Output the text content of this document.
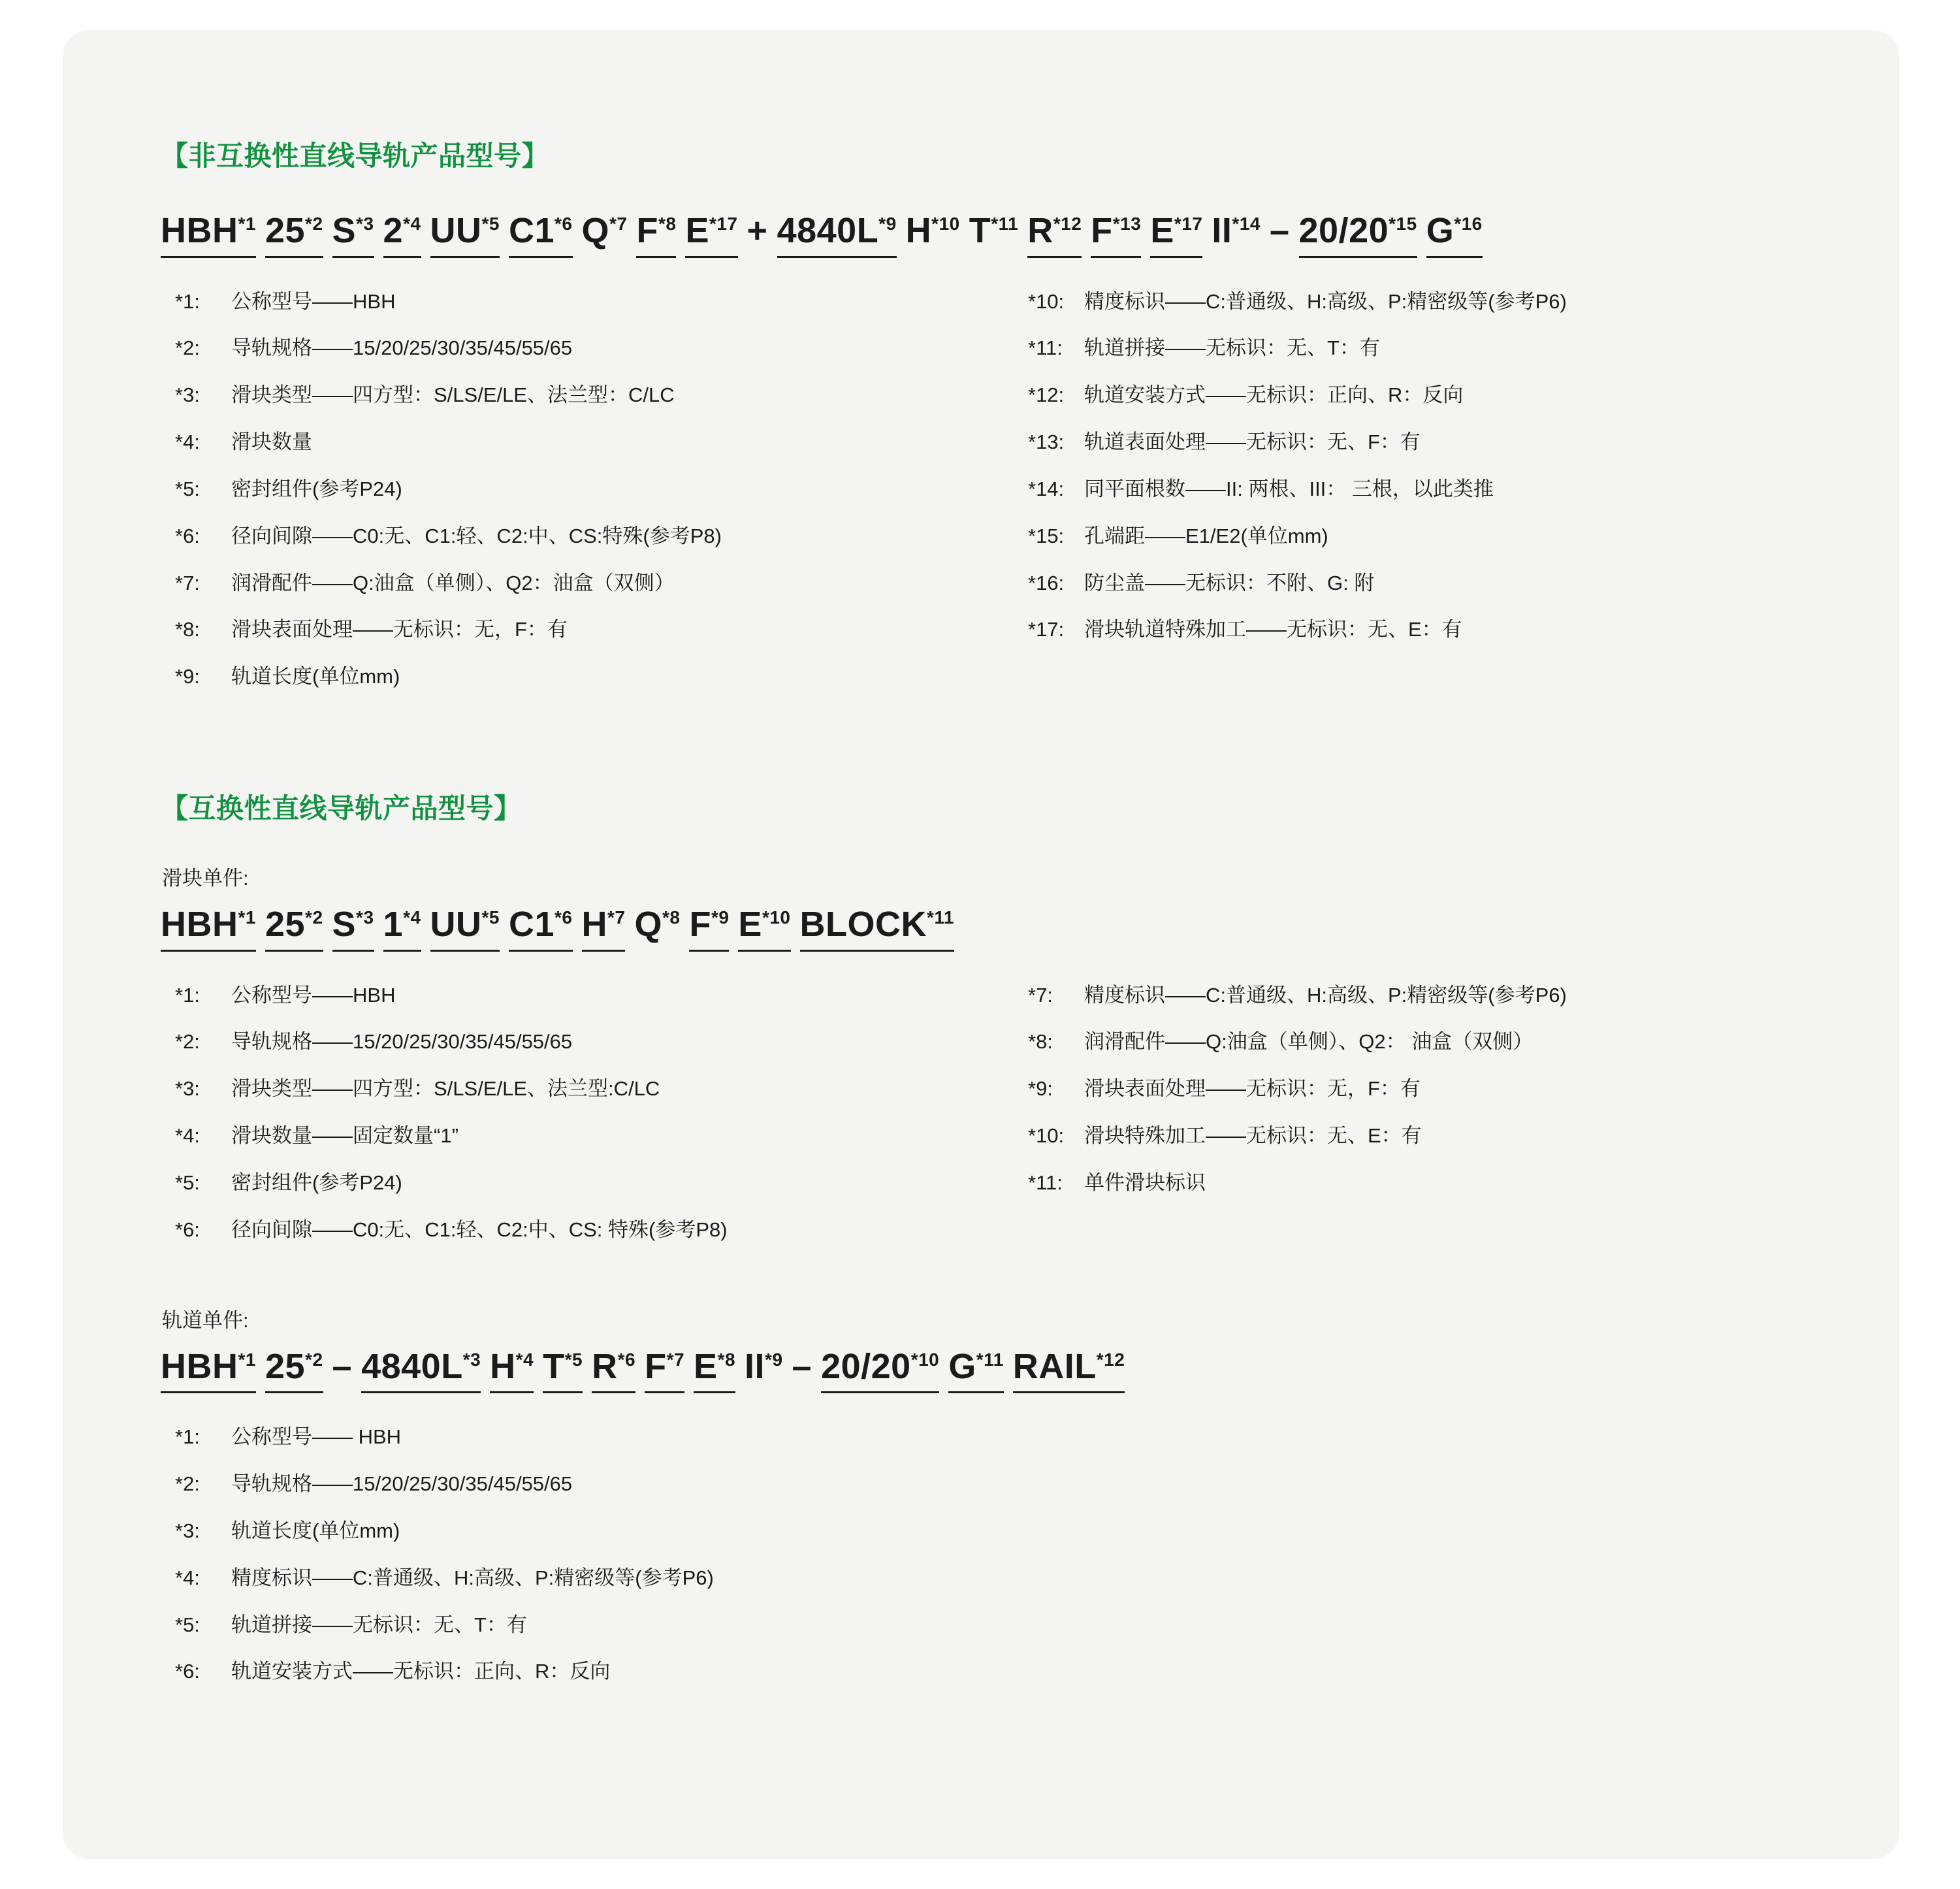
【非互换性直线导轨产品型号】
HBH$^{*1}$ 25$^{*2}$ $S^{*3}$ 2$^{*4}$ UU$^{*5}$ C1$^{*6}$ $Q^{*7}$ $F^{*8}$ $E^{*17} + 4840L^{*9}$ $H^{*10}$ $T^{*11}$ $R^{*12}$ $F^{*13}$ $E^{*17}$ II$^{*14}$ – 20/20$^{*15}$ $G^{*16}$
*1: 公称型号——HBH
*2: 导轨规格——15/20/25/30/35/45/55/65
*3: 滑块类型——四方型：S/LS/E/LE、法兰型：C/LC
*4: 滑块数量
*5: 密封组件(参考P24)
*6: 径向间隙——C0:无、C1:轻、C2:中、CS:特殊(参考P8)
*7: 润滑配件——Q:油盒（单侧）、Q2：油盒（双侧）
*8: 滑块表面处理——无标识：无，F：有
*9: 轨道长度(单位mm)
*10: 精度标识——C:普通级、H:高级、P:精密级等(参考P6)
*11: 轨道拼接——无标识：无、T：有
*12: 轨道安装方式——无标识：正向、R：反向
*13: 轨道表面处理——无标识：无、F：有
*14: 同平面根数——II: 两根、III： 三根，以此类推
*15: 孔端距——E1/E2(单位mm)
*16: 防尘盖——无标识：不附、G: 附
*17: 滑块轨道特殊加工——无标识：无、E：有
【互换性直线导轨产品型号】
滑块单件:
HBH$^{*1}$ 25$^{*2}$ $S^{*3}$ 1$^{*4}$ UU$^{*5}$ C1$^{*6}$ $H^{*7}$ $Q^{*8}$ $F^{*9}$ $E^{*10}$ BLOCK$^{*11}$
*1: 公称型号——HBH
*2: 导轨规格——15/20/25/30/35/45/55/65
*3: 滑块类型——四方型：S/LS/E/LE、法兰型:C/LC
*4: 滑块数量——固定数量“1”
*5: 密封组件(参考P24)
*6: 径向间隙——C0:无、C1:轻、C2:中、CS: 特殊(参考P8)
*7: 精度标识——C:普通级、H:高级、P:精密级等(参考P6)
*8: 润滑配件——Q:油盒（单侧）、Q2： 油盒（双侧）
*9: 滑块表面处理——无标识：无，F：有
*10: 滑块特殊加工——无标识：无、E：有
*11: 单件滑块标识
轨道单件:
HBH$^{*1}$ $25^{*2} - 4840L^{*3}$ $H^{*4}$ $T^{*5}$ $R^{*6}$ $F^{*7}$ $E^{*8}$ II$^{*9}$ – 20/20$^{*10}$ $G^{*11}$ RAIL$^{*12}$
*1: 公称型号—— HBH
*2: 导轨规格——15/20/25/30/35/45/55/65
*3: 轨道长度(单位mm)
*4: 精度标识——C:普通级、H:高级、P:精密级等(参考P6)
*5: 轨道拼接——无标识：无、T：有
*6: 轨道安装方式——无标识：正向、R：反向
